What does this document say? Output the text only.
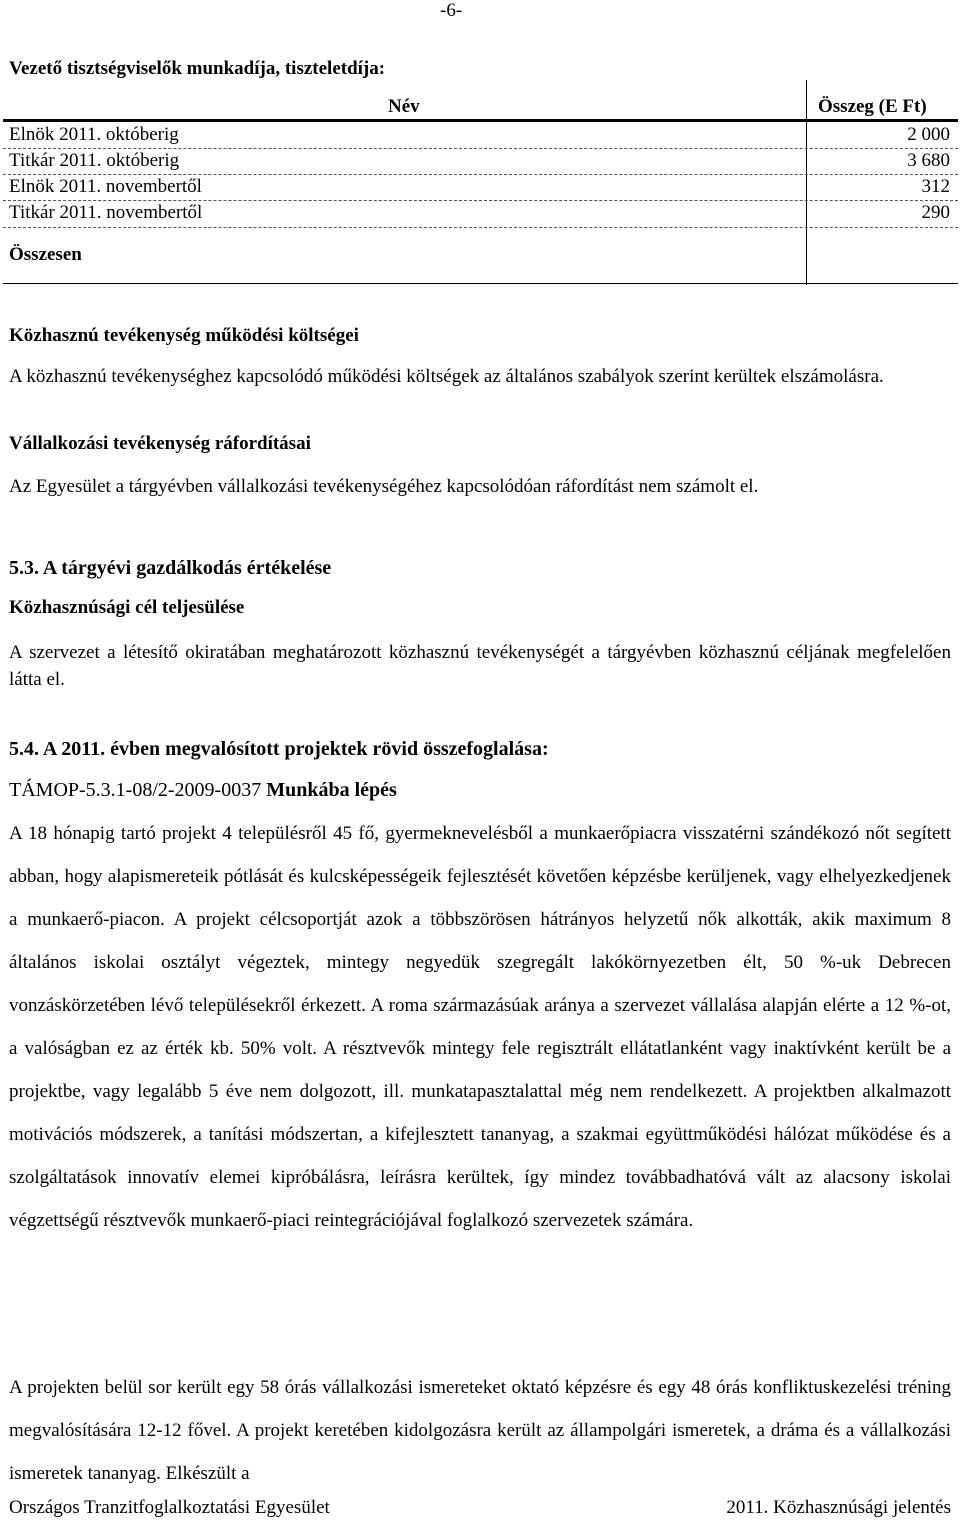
-6-
Vezető tisztségviselők munkadíja, tiszteletdíja:
Név	Összeg (E Ft)
Elnök 2011. októberig	2 000
Titkár 2011. októberig	3 680
Elnök 2011. novembertől	312
Titkár 2011. novembertől	290
Összesen
Közhasznú tevékenység működési költségei
A közhasznú tevékenységhez kapcsolódó működési költségek az általános szabályok szerint kerültek elszámolásra.
Vállalkozási tevékenység ráfordításai
Az Egyesület a tárgyévben vállalkozási tevékenységéhez kapcsolódóan ráfordítást nem számolt el.
5.3. A tárgyévi gazdálkodás értékelése
Közhasznúsági cél teljesülése
A szervezet a létesítő okiratában meghatározott közhasznú tevékenységét a tárgyévben közhasznú céljának megfelelően látta el.
5.4. A 2011. évben megvalósított projektek rövid összefoglalása:
TÁMOP-5.3.1-08/2-2009-0037 Munkába lépés
A 18 hónapig tartó projekt 4 településről 45 fő, gyermeknevelésből a munkaerőpiacra visszatérni szándékozó nőt segített abban, hogy alapismereteik pótlását és kulcsképességeik fejlesztését követően képzésbe kerüljenek, vagy elhelyezkedjenek a munkaerő-piacon. A projekt célcsoportját azok a többszörösen hátrányos helyzetű nők alkották, akik maximum 8 általános iskolai osztályt végeztek, mintegy negyedük szegregált lakókörnyezetben élt, 50 %-uk Debrecen vonzáskörzetében lévő településekről érkezett. A roma származásúak aránya a szervezet vállalása alapján elérte a 12 %-ot, a valóságban ez az érték kb. 50% volt. A résztvevők mintegy fele regisztrált ellátatlanként vagy inaktívként került be a projektbe, vagy legalább 5 éve nem dolgozott, ill. munkatapasztalattal még nem rendelkezett. A projektben alkalmazott motivációs módszerek, a tanítási módszertan, a kifejlesztett tananyag, a szakmai együttműködési hálózat működése és a szolgáltatások innovatív elemei kipróbálásra, leírásra kerültek, így mindez továbbadhatóvá vált az alacsony iskolai végzettségű résztvevők munkaerő-piaci reintegrációjával foglalkozó szervezetek számára.
A projekten belül sor került egy 58 órás vállalkozási ismereteket oktató képzésre és egy 48 órás konfliktuskezelési tréning megvalósítására 12-12 fővel. A projekt keretében kidolgozásra került az állampolgári ismeretek, a dráma és a vállalkozási ismeretek tananyag. Elkészült a
Országos Tranzitfoglalkoztatási Egyesület	2011. Közhasznúsági jelentés
